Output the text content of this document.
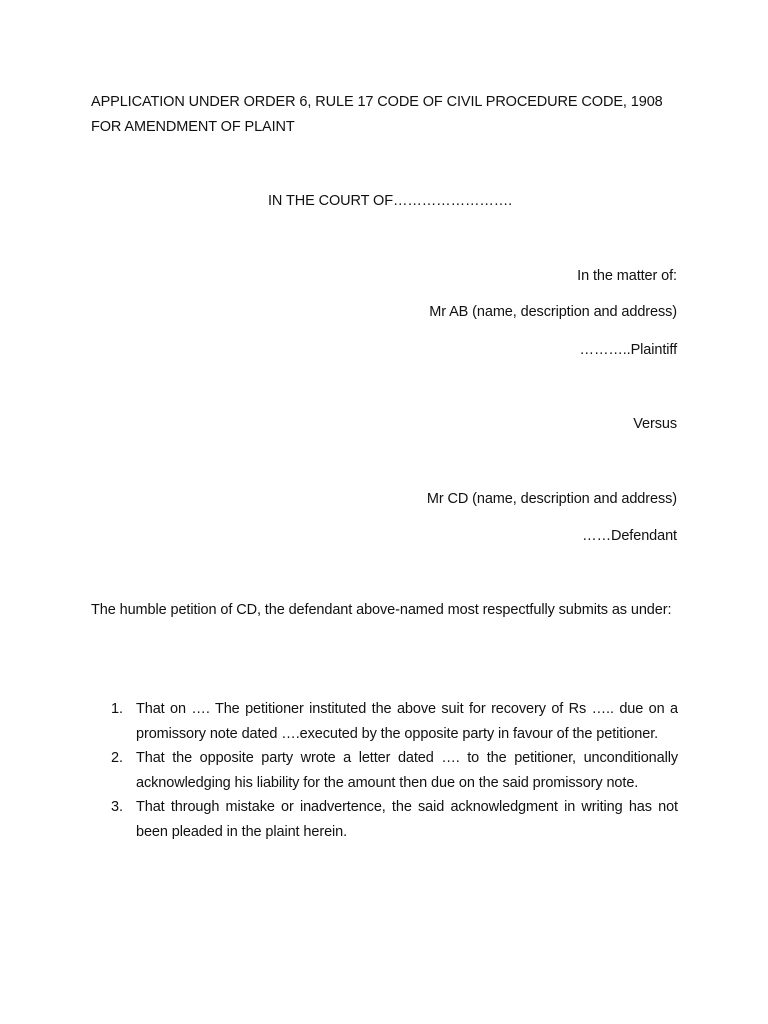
APPLICATION UNDER ORDER 6, RULE 17 CODE OF CIVIL PROCEDURE CODE, 1908
FOR AMENDMENT OF PLAINT
IN THE COURT OF…………………….
In the matter of:
Mr AB (name, description and address)
………..Plaintiff
Versus
Mr CD (name, description and address)
……Defendant
The humble petition of CD, the defendant above-named most respectfully submits as under:
1. That on …. The petitioner instituted the above suit for recovery of Rs ….. due on a promissory note dated ….executed by the opposite party in favour of the petitioner.
2. That the opposite party wrote a letter dated …. to the petitioner, unconditionally acknowledging his liability for the amount then due on the said promissory note.
3. That through mistake or inadvertence, the said acknowledgment in writing has not been pleaded in the plaint herein.
